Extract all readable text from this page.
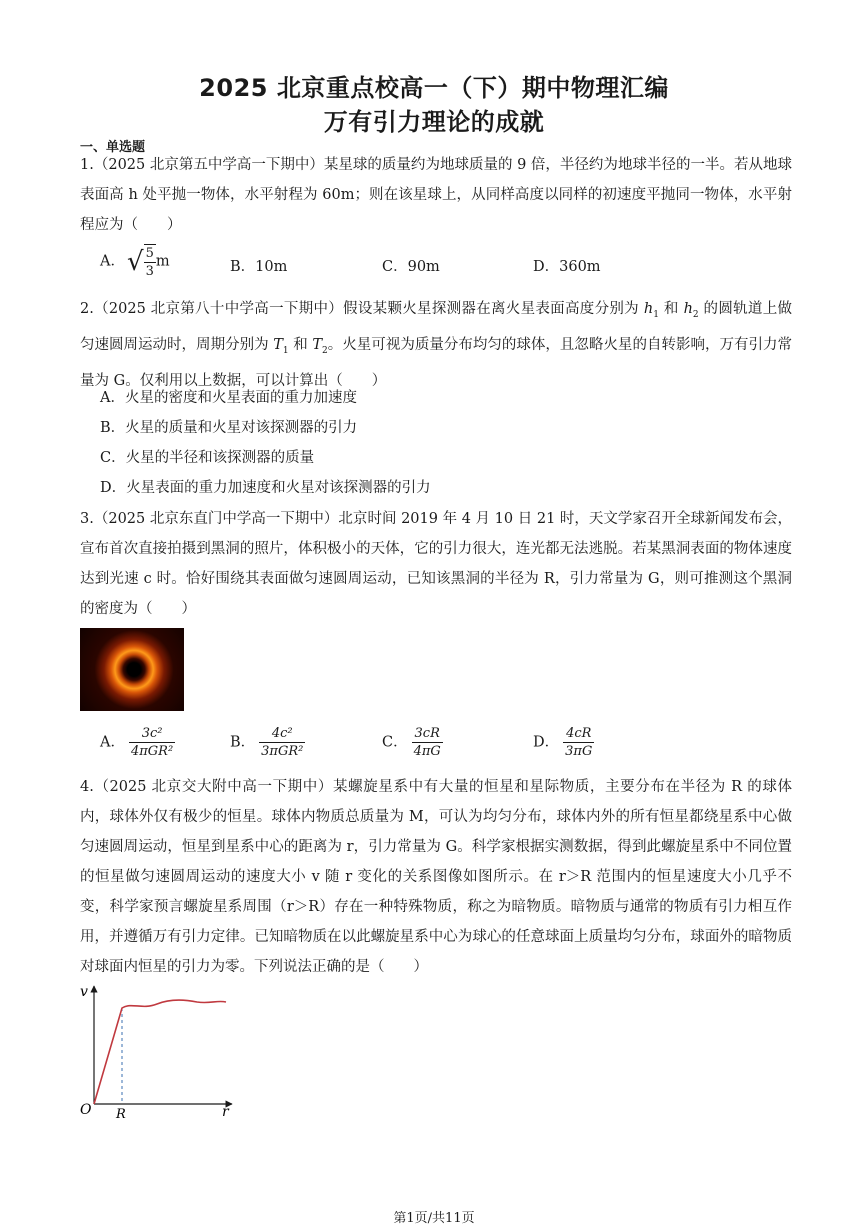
2025 北京重点校高一（下）期中物理汇编
万有引力理论的成就
一、单选题
1.（2025 北京第五中学高一下期中）某星球的质量约为地球质量的 9 倍，半径约为地球半径的一半。若从地球表面高 h 处平抛一物体，水平射程为 60m；则在该星球上，从同样高度以同样的初速度平抛同一物体，水平射程应为（　　）
A． √ $\frac{5}{3}$ m	B．10m	C．90m	D．360m
2.（2025 北京第八十中学高一下期中）假设某颗火星探测器在离火星表面高度分别为 $h_1$ 和 $h_2$ 的圆轨道上做匀速圆周运动时，周期分别为 $T_1$ 和 $T_2$。火星可视为质量分布均匀的球体，且忽略火星的自转影响，万有引力常量为 G。仅利用以上数据，可以计算出（　　）
A．火星的密度和火星表面的重力加速度
B．火星的质量和火星对该探测器的引力
C．火星的半径和该探测器的质量
D．火星表面的重力加速度和火星对该探测器的引力
3.（2025 北京东直门中学高一下期中）北京时间 2019 年 4 月 10 日 21 时，天文学家召开全球新闻发布会，宣布首次直接拍摄到黑洞的照片，体积极小的天体，它的引力很大，连光都无法逃脱。若某黑洞表面的物体速度达到光速 c 时。恰好围绕其表面做匀速圆周运动，已知该黑洞的半径为 R，引力常量为 G，则可推测这个黑洞的密度为（　　）
A． $\frac{\text{3c²}}{\text{4πGR²}}$	B． $\frac{\text{4c²}}{\text{3πGR²}}$	C． $\frac{3cR}{4\pi G}$	D． $\frac{4cR}{3\pi G}$
4.（2025 北京交大附中高一下期中）某螺旋星系中有大量的恒星和星际物质，主要分布在半径为 R 的球体内，球体外仅有极少的恒星。球体内物质总质量为 M，可认为均匀分布，球体内外的所有恒星都绕星系中心做匀速圆周运动，恒星到星系中心的距离为 r，引力常量为 G。科学家根据实测数据，得到此螺旋星系中不同位置的恒星做匀速圆周运动的速度大小 v 随 r 变化的关系图像如图所示。在 r＞R 范围内的恒星速度大小几乎不变，科学家预言螺旋星系周围（r＞R）存在一种特殊物质，称之为暗物质。暗物质与通常的物质有引力相互作用，并遵循万有引力定律。已知暗物质在以此螺旋星系中心为球心的任意球面上质量均匀分布，球面外的暗物质对球面内恒星的引力为零。下列说法正确的是（　　）
v
r
O R
第1页/共11页
